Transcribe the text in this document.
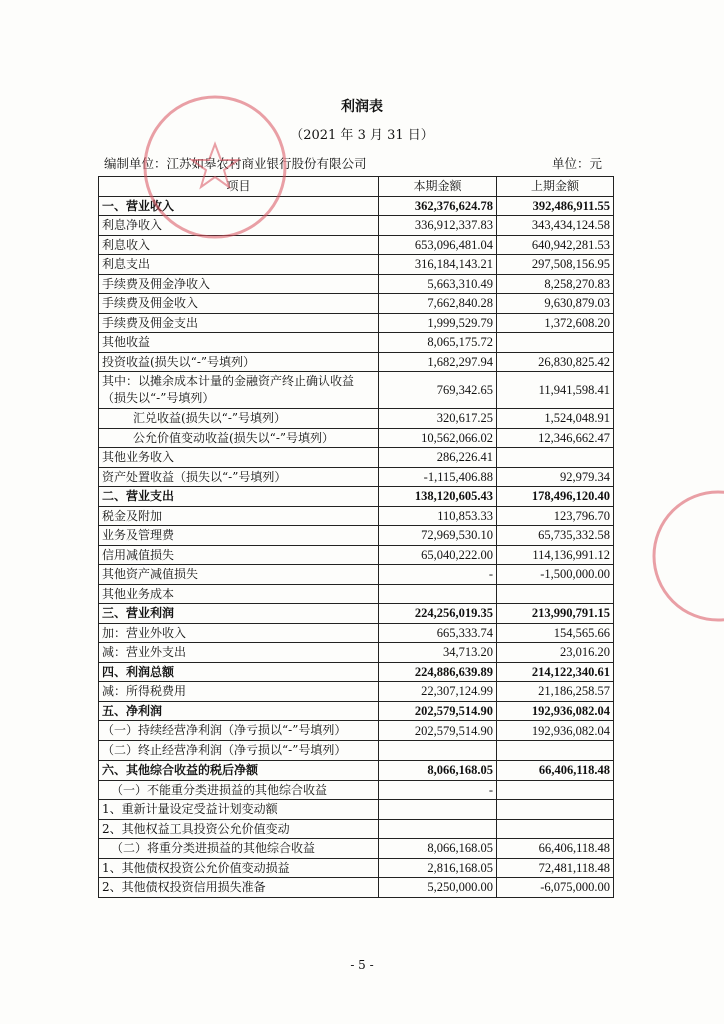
利润表
（2021 年 3 月 31 日）
编制单位：江苏如皋农村商业银行股份有限公司	单位：元
项目	本期金额	上期金额
一、营业收入	362,376,624.78	392,486,911.55
利息净收入	336,912,337.83	343,434,124.58
利息收入	653,096,481.04	640,942,281.53
利息支出	316,184,143.21	297,508,156.95
手续费及佣金净收入	5,663,310.49	8,258,270.83
手续费及佣金收入	7,662,840.28	9,630,879.03
手续费及佣金支出	1,999,529.79	1,372,608.20
其他收益	8,065,175.72	
投资收益(损失以“-”号填列）	1,682,297.94	26,830,825.42
其中：以摊余成本计量的金融资产终止确认收益（损失以“-”号填列）	769,342.65	11,941,598.41
汇兑收益(损失以“-”号填列）	320,617.25	1,524,048.91
公允价值变动收益(损失以“-”号填列）	10,562,066.02	12,346,662.47
其他业务收入	286,226.41	
资产处置收益（损失以“-”号填列）	-1,115,406.88	92,979.34
二、营业支出	138,120,605.43	178,496,120.40
税金及附加	110,853.33	123,796.70
业务及管理费	72,969,530.10	65,735,332.58
信用减值损失	65,040,222.00	114,136,991.12
其他资产减值损失	-	-1,500,000.00
其他业务成本		
三、营业利润	224,256,019.35	213,990,791.15
加：营业外收入	665,333.74	154,565.66
减：营业外支出	34,713.20	23,016.20
四、利润总额	224,886,639.89	214,122,340.61
减：所得税费用	22,307,124.99	21,186,258.57
五、净利润	202,579,514.90	192,936,082.04
（一）持续经营净利润（净亏损以“-”号填列）	202,579,514.90	192,936,082.04
（二）终止经营净利润（净亏损以“-”号填列）		
六、其他综合收益的税后净额	8,066,168.05	66,406,118.48
（一）不能重分类进损益的其他综合收益	-	
1、重新计量设定受益计划变动额		
2、其他权益工具投资公允价值变动		
（二）将重分类进损益的其他综合收益	8,066,168.05	66,406,118.48
1、其他债权投资公允价值变动损益	2,816,168.05	72,481,118.48
2、其他债权投资信用损失准备	5,250,000.00	-6,075,000.00
- 5 -
